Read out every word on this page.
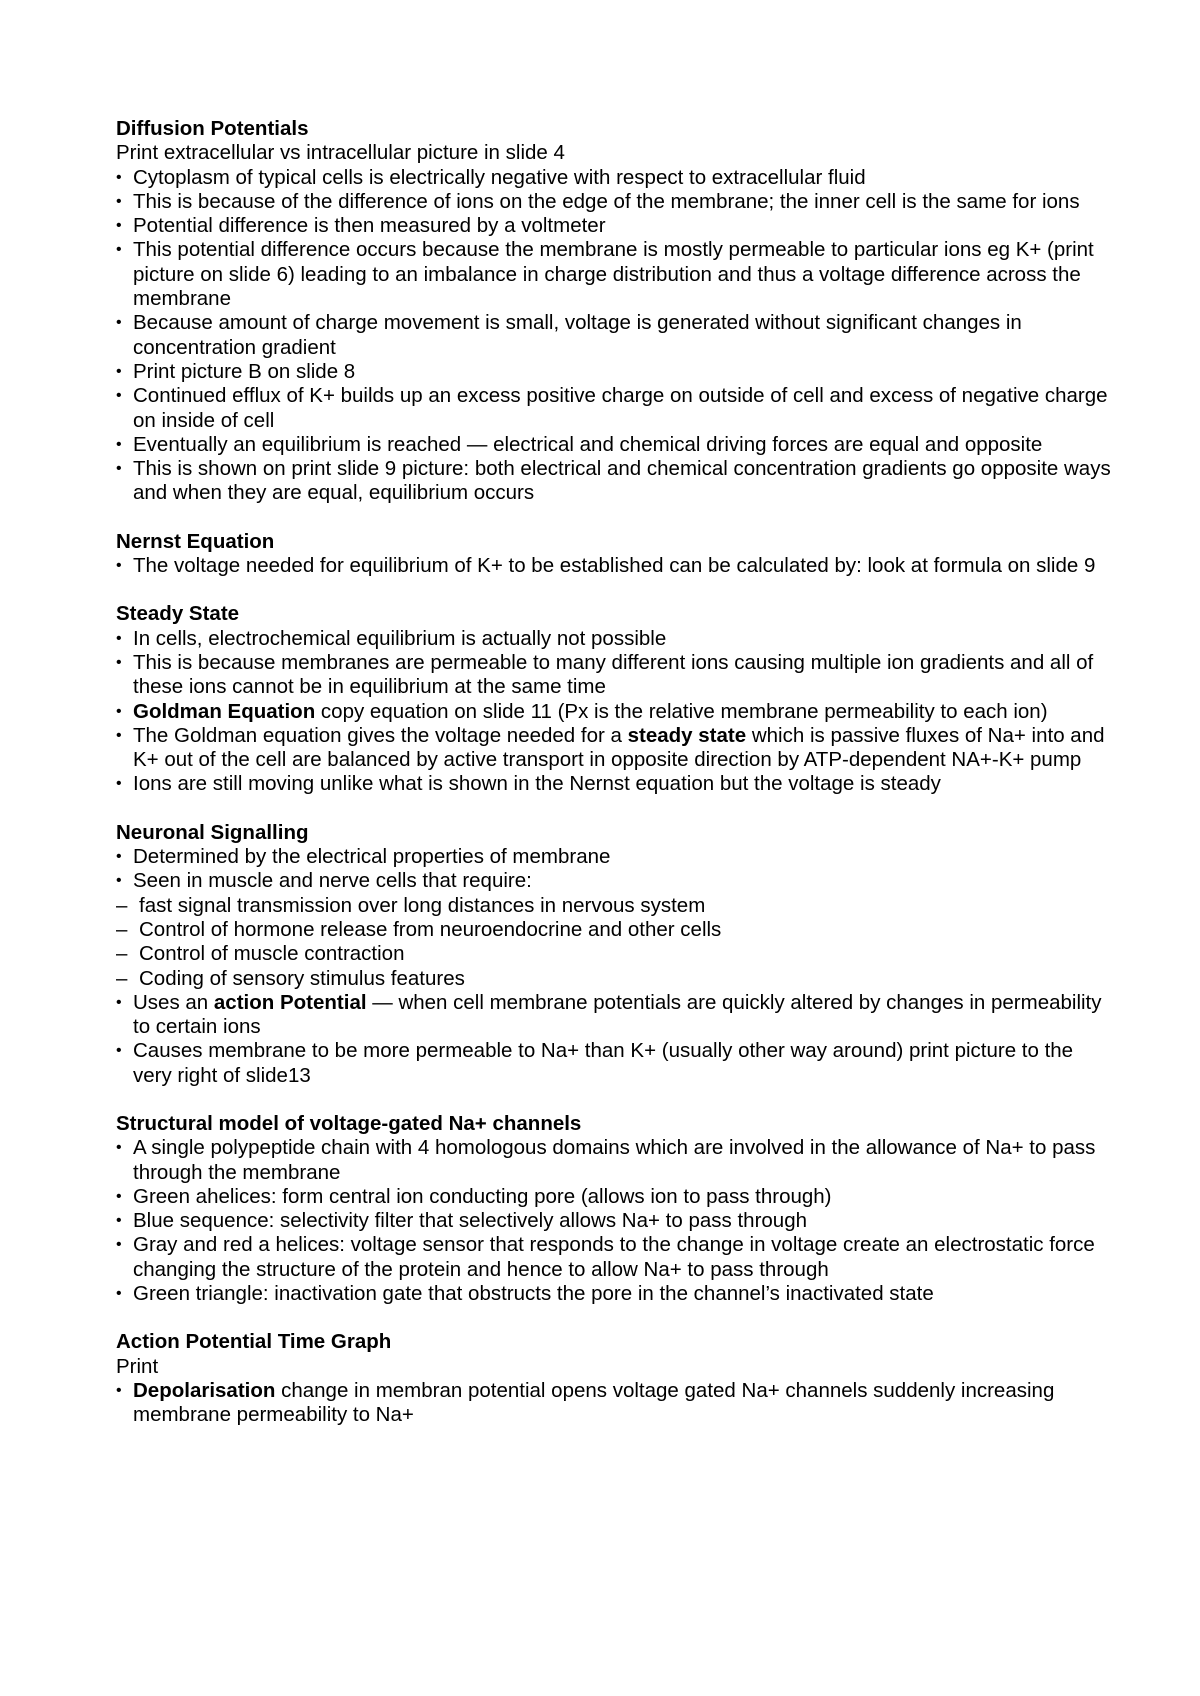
Diffusion Potentials
Print extracellular vs intracellular picture in slide 4
• Cytoplasm of typical cells is electrically negative with respect to extracellular fluid
• This is because of the difference of ions on the edge of the membrane; the inner cell is the same for ions
• Potential difference is then measured by a voltmeter
• This potential difference occurs because the membrane is mostly permeable to particular ions eg K+ (print picture on slide 6) leading to an imbalance in charge distribution and thus a voltage difference across the membrane
• Because amount of charge movement is small, voltage is generated without significant changes in concentration gradient
• Print picture B on slide 8
• Continued efflux of K+ builds up an excess positive charge on outside of cell and excess of negative charge on inside of cell
• Eventually an equilibrium is reached — electrical and chemical driving forces are equal and opposite
• This is shown on print slide 9 picture: both electrical and chemical concentration gradients go opposite ways and when they are equal, equilibrium occurs
Nernst Equation
• The voltage needed for equilibrium of K+ to be established can be calculated by: look at formula on slide 9
Steady State
• In cells, electrochemical equilibrium is actually not possible
• This is because membranes are permeable to many different ions causing multiple ion gradients and all of these ions cannot be in equilibrium at the same time
• Goldman Equation copy equation on slide 11 (Px is the relative membrane permeability to each ion)
• The Goldman equation gives the voltage needed for a steady state which is passive fluxes of Na+ into and K+ out of the cell are balanced by active transport in opposite direction by ATP-dependent NA+-K+ pump
• Ions are still moving unlike what is shown in the Nernst equation but the voltage is steady
Neuronal Signalling
• Determined by the electrical properties of membrane
• Seen in muscle and nerve cells that require:
– fast signal transmission over long distances in nervous system
– Control of hormone release from neuroendocrine and other cells
– Control of muscle contraction
– Coding of sensory stimulus features
• Uses an action Potential — when cell membrane potentials are quickly altered by changes in permeability to certain ions
• Causes membrane to be more permeable to Na+ than K+ (usually other way around) print picture to the very right of slide13
Structural model of voltage-gated Na+ channels
• A single polypeptide chain with 4 homologous domains which are involved in the allowance of Na+ to pass through the membrane
• Green ahelices: form central ion conducting pore (allows ion to pass through)
• Blue sequence: selectivity filter that selectively allows Na+ to pass through
• Gray and red a helices: voltage sensor that responds to the change in voltage create an electrostatic force changing the structure of the protein and hence to allow Na+ to pass through
• Green triangle: inactivation gate that obstructs the pore in the channel’s inactivated state
Action Potential Time Graph
Print
• Depolarisation change in membran potential opens voltage gated Na+ channels suddenly increasing membrane permeability to Na+
